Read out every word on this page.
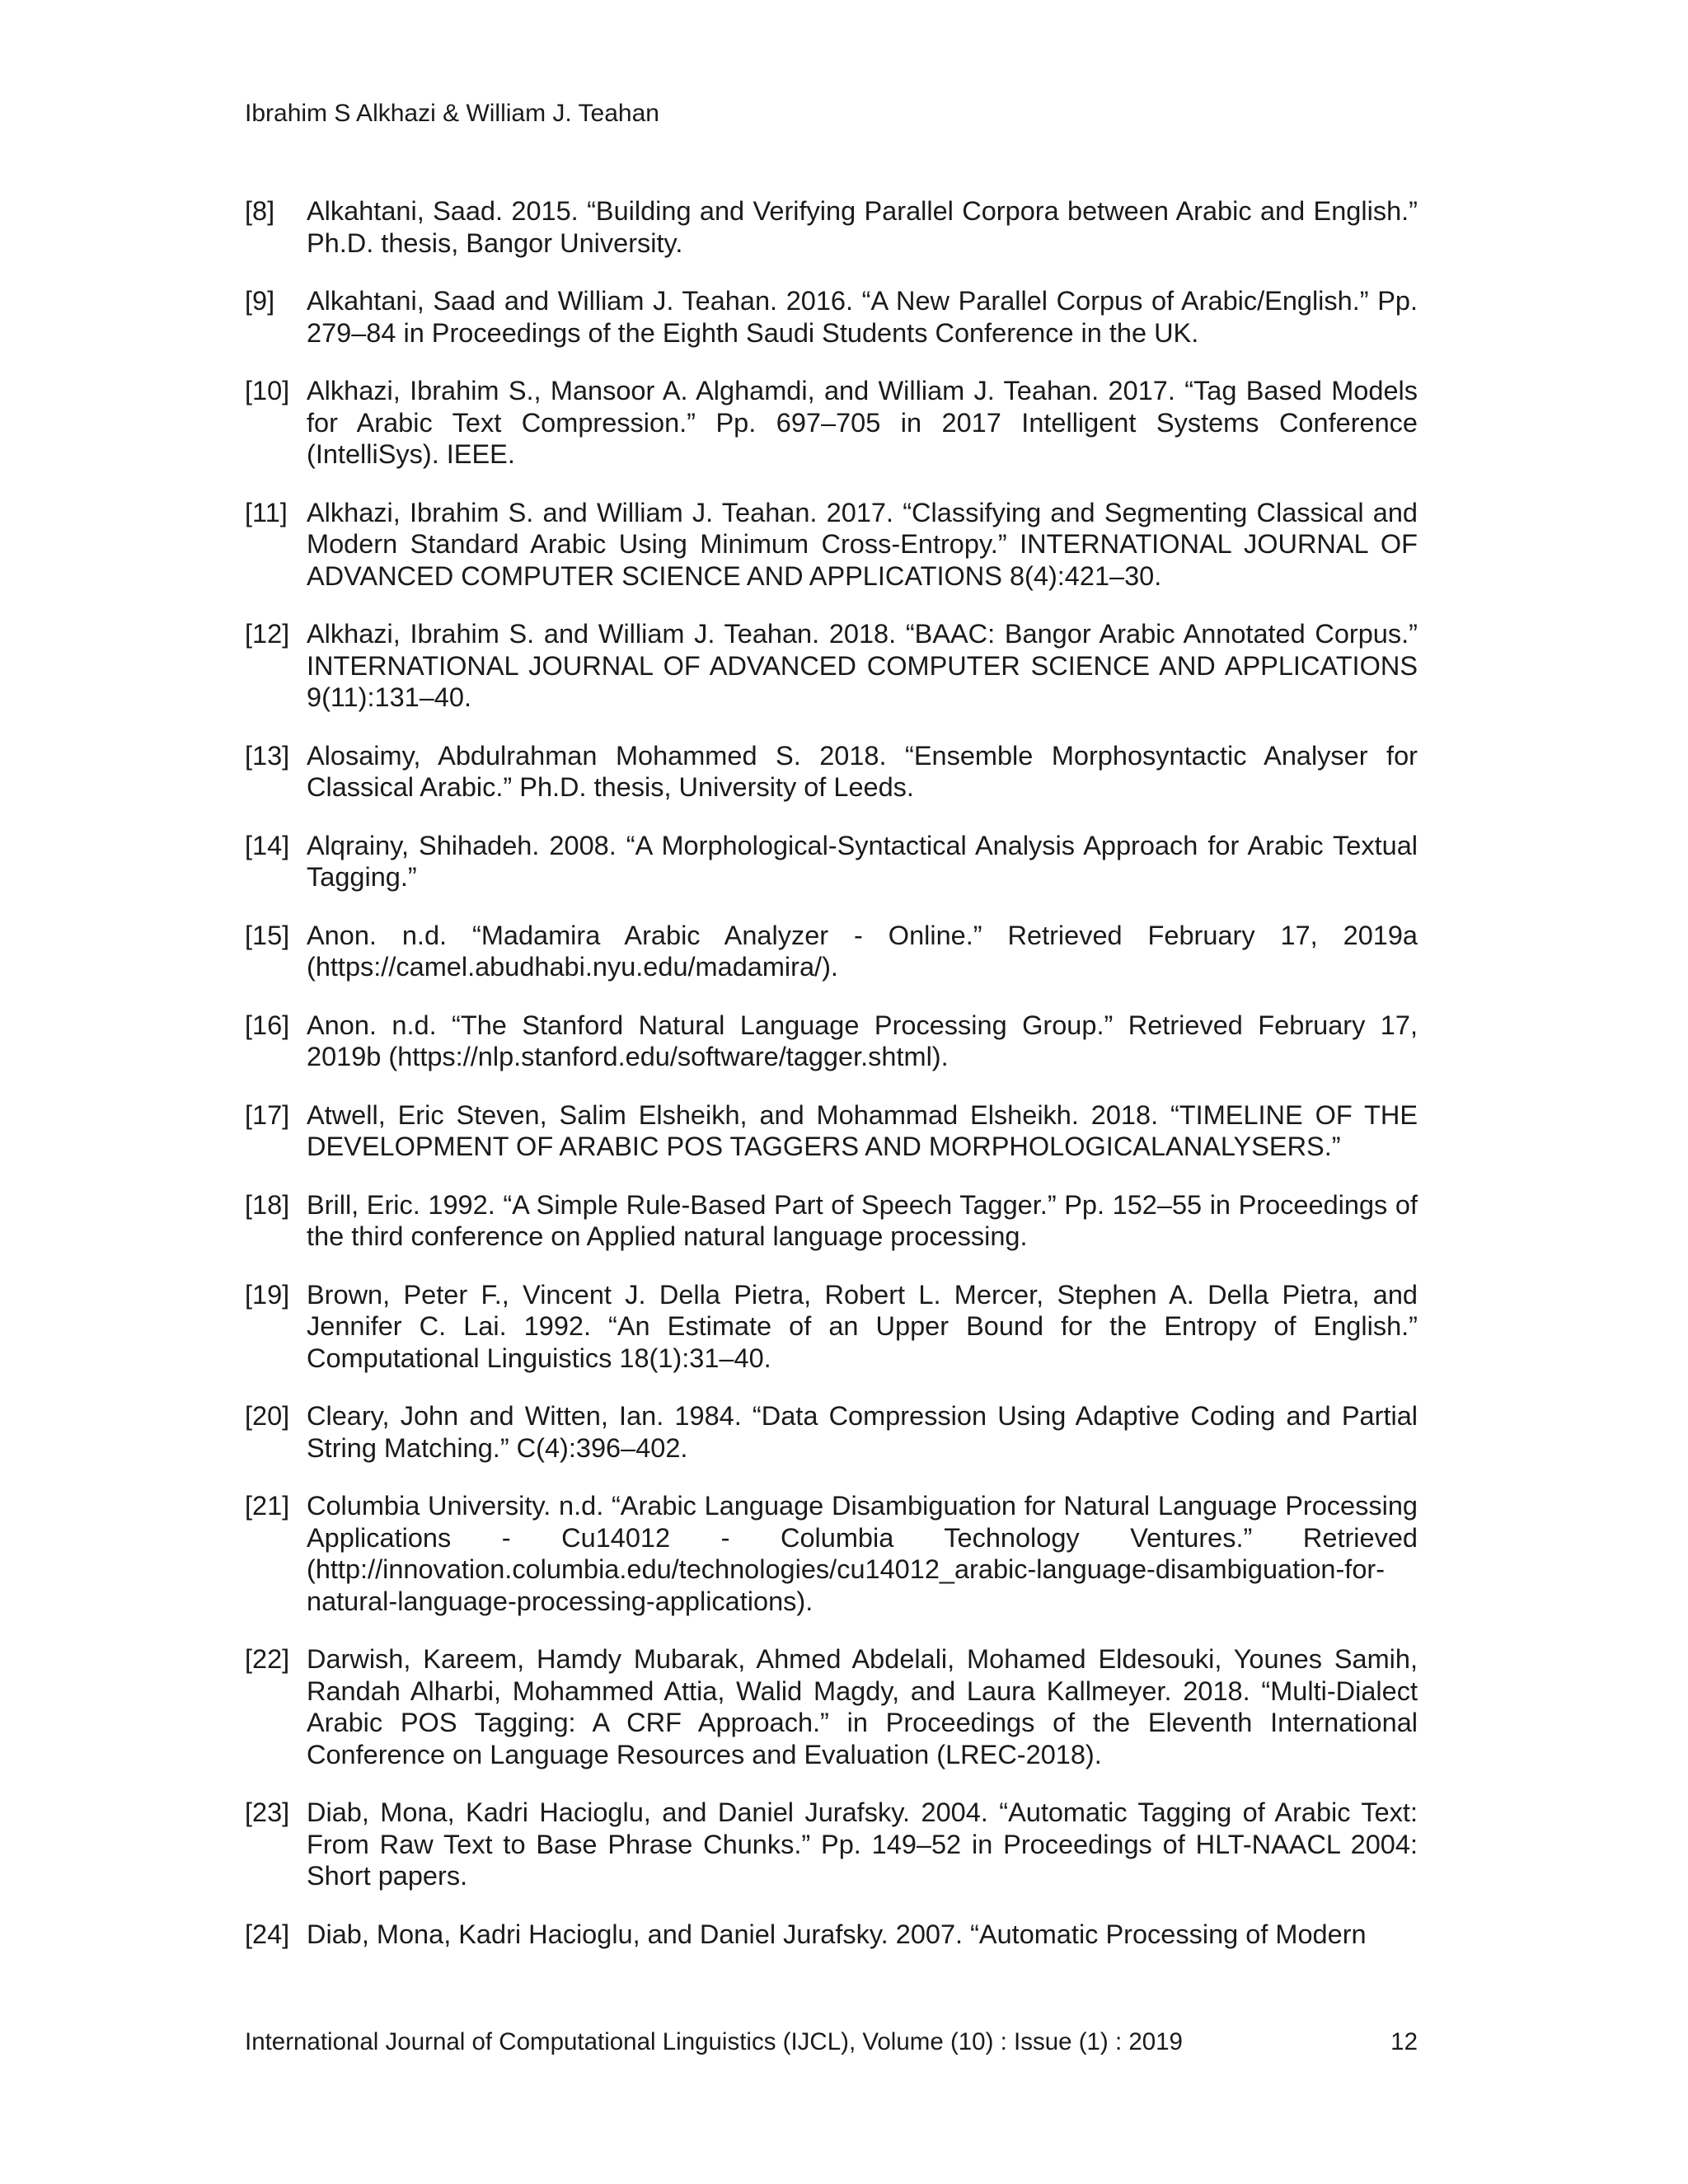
Ibrahim S Alkhazi & William J. Teahan
[8]	Alkahtani, Saad. 2015. “Building and Verifying Parallel Corpora between Arabic and English.” Ph.D. thesis, Bangor University.
[9]	Alkahtani, Saad and William J. Teahan. 2016. “A New Parallel Corpus of Arabic/English.” Pp. 279–84 in Proceedings of the Eighth Saudi Students Conference in the UK.
[10] Alkhazi, Ibrahim S., Mansoor A. Alghamdi, and William J. Teahan. 2017. “Tag Based Models for Arabic Text Compression.” Pp. 697–705 in 2017 Intelligent Systems Conference (IntelliSys). IEEE.
[11] Alkhazi, Ibrahim S. and William J. Teahan. 2017. “Classifying and Segmenting Classical and Modern Standard Arabic Using Minimum Cross-Entropy.” INTERNATIONAL JOURNAL OF ADVANCED COMPUTER SCIENCE AND APPLICATIONS 8(4):421–30.
[12] Alkhazi, Ibrahim S. and William J. Teahan. 2018. “BAAC: Bangor Arabic Annotated Corpus.” INTERNATIONAL JOURNAL OF ADVANCED COMPUTER SCIENCE AND APPLICATIONS 9(11):131–40.
[13] Alosaimy, Abdulrahman Mohammed S. 2018. “Ensemble Morphosyntactic Analyser for Classical Arabic.” Ph.D. thesis, University of Leeds.
[14] Alqrainy, Shihadeh. 2008. “A Morphological-Syntactical Analysis Approach for Arabic Textual Tagging.”
[15] Anon. n.d. “Madamira Arabic Analyzer - Online.” Retrieved February 17, 2019a (https://camel.abudhabi.nyu.edu/madamira/).
[16] Anon. n.d. “The Stanford Natural Language Processing Group.” Retrieved February 17, 2019b (https://nlp.stanford.edu/software/tagger.shtml).
[17] Atwell, Eric Steven, Salim Elsheikh, and Mohammad Elsheikh. 2018. “TIMELINE OF THE DEVELOPMENT OF ARABIC POS TAGGERS AND MORPHOLOGICALANALYSERS.”
[18] Brill, Eric. 1992. “A Simple Rule-Based Part of Speech Tagger.” Pp. 152–55 in Proceedings of the third conference on Applied natural language processing.
[19] Brown, Peter F., Vincent J. Della Pietra, Robert L. Mercer, Stephen A. Della Pietra, and Jennifer C. Lai. 1992. “An Estimate of an Upper Bound for the Entropy of English.” Computational Linguistics 18(1):31–40.
[20] Cleary, John and Witten, Ian. 1984. “Data Compression Using Adaptive Coding and Partial String Matching.” C(4):396–402.
[21] Columbia University. n.d. “Arabic Language Disambiguation for Natural Language Processing Applications - Cu14012 - Columbia Technology Ventures.” Retrieved (http://innovation.columbia.edu/technologies/cu14012_arabic-language-disambiguation-for-natural-language-processing-applications).
[22] Darwish, Kareem, Hamdy Mubarak, Ahmed Abdelali, Mohamed Eldesouki, Younes Samih, Randah Alharbi, Mohammed Attia, Walid Magdy, and Laura Kallmeyer. 2018. “Multi-Dialect Arabic POS Tagging: A CRF Approach.” in Proceedings of the Eleventh International Conference on Language Resources and Evaluation (LREC-2018).
[23] Diab, Mona, Kadri Hacioglu, and Daniel Jurafsky. 2004. “Automatic Tagging of Arabic Text: From Raw Text to Base Phrase Chunks.” Pp. 149–52 in Proceedings of HLT-NAACL 2004: Short papers.
[24] Diab, Mona, Kadri Hacioglu, and Daniel Jurafsky. 2007. “Automatic Processing of Modern
International Journal of Computational Linguistics (IJCL), Volume (10) : Issue (1) : 2019	12
